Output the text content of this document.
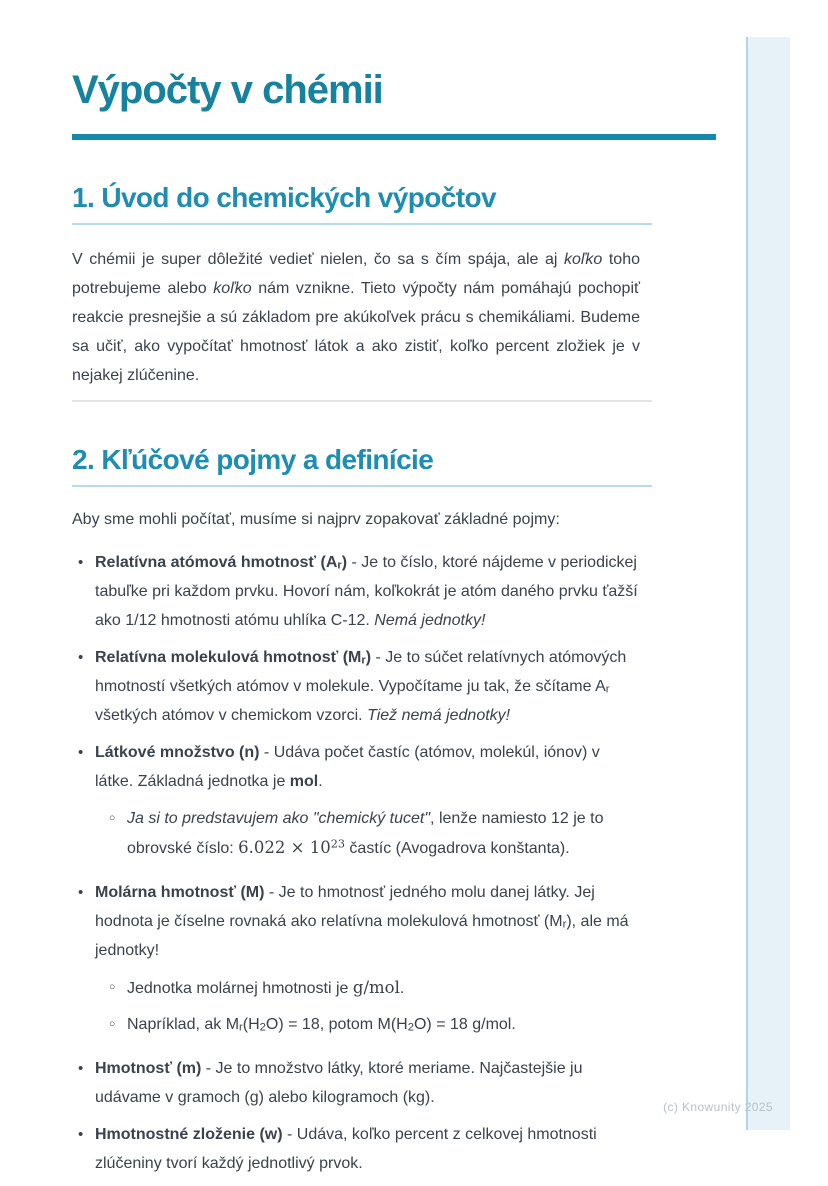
Výpočty v chémii
1. Úvod do chemických výpočtov

V chémii je super dôležité vedieť nielen, čo sa s čím spája, ale aj koľko toho potrebujeme alebo koľko nám vznikne. Tieto výpočty nám pomáhajú pochopiť reakcie presnejšie a sú základom pre akúkoľvek prácu s chemikáliami. Budeme sa učiť, ako vypočítať hmotnosť látok a ako zistiť, koľko percent zložiek je v nejakej zlúčenine.

2. Kľúčové pojmy a definície

Aby sme mohli počítať, musíme si najprv zopakovať základné pojmy:

• Relatívna atómová hmotnosť $(A_r)$ - Je to číslo, ktoré nájdeme v periodickej tabuľke pri každom prvku. Hovorí nám, koľkokrát je atóm daného prvku ťažší ako 1/12 hmotnosti atómu uhlíka C-12. Nemá jednotky!
• Relatívna molekulová hmotnosť $(M_r)$ - Je to súčet relatívnych atómových hmotností všetkých atómov v molekule. Vypočítame ju tak, že sčítame $A_r$ všetkých atómov v chemickom vzorci. Tiež nemá jednotky!
• Látkové množstvo (n) - Udáva počet častíc (atómov, molekúl, iónov) v látke. Základná jednotka je mol.
○ Ja si to predstavujem ako "chemický tucet", lenže namiesto 12 je to obrovské číslo: $6.022 \times 10^{23}$ častíc (Avogadrova konštanta).
• Molárna hmotnosť (M) - Je to hmotnosť jedného molu danej látky. Jej hodnota je číselne rovnaká ako relatívna molekulová hmotnosť $(M_r)$, ale má jednotky!
○ Jednotka molárnej hmotnosti je g/mol.
○ Napríklad, ak $M_r(H_2O) = 18$, potom $M(H_2O) = 18$ g/mol.
• Hmotnosť (m) - Je to množstvo látky, ktoré meriame. Najčastejšie ju udávame v gramoch (g) alebo kilogramoch (kg).
• Hmotnostné zloženie (w) - Udáva, koľko percent z celkovej hmotnosti zlúčeniny tvorí každý jednotlivý prvok.
(c) Knowunity 2025
